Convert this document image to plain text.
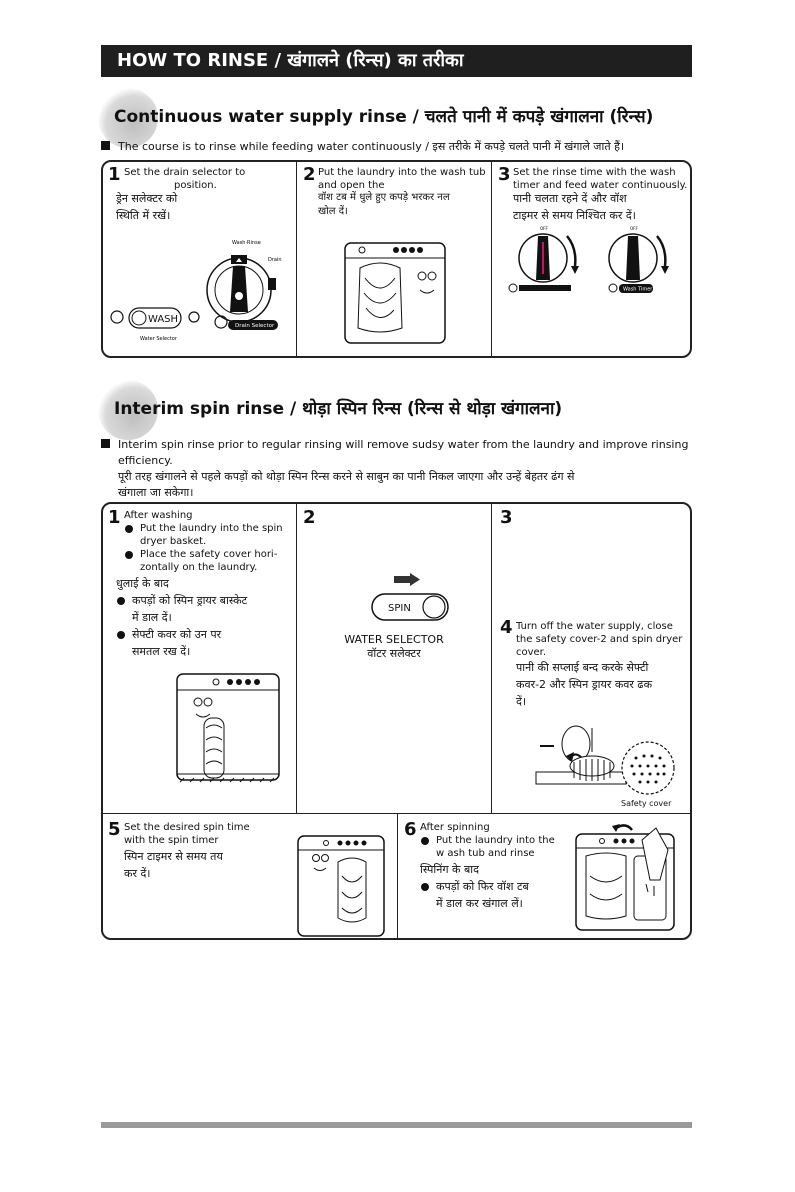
HOW TO RINSE / खंगालने (रिन्स) का तरीका
Continuous water supply rinse / चलते पानी में कपड़े खंगालना (रिन्स)
The course is to rinse while feeding water continuously / इस तरीके में कपड़े चलते पानी में खंगाले जाते हैं।
1 Set the drain selector to
position.
ड्रेन सलेक्टर को
स्थिति में रखें।
Wash·Rinse
Drain
WASH
Water Selector
Drain Selector
2 Put the laundry into the wash tub
and open the
वॉश टब में धुले हुए कपड़े भरकर नल
खोल दें।
3 Set the rinse time with the wash
timer and feed water continuously.
पानी चलता रहने दें और वॉश
टाइमर से समय निश्चित कर दें।
OFF	OFF
Wash Timer
Interim spin rinse / थोड़ा स्पिन रिन्स (रिन्स से थोड़ा खंगालना)
Interim spin rinse prior to regular rinsing will remove sudsy water from the laundry and improve rinsing
efficiency.
पूरी तरह खंगालने से पहले कपड़ों को थोड़ा स्पिन रिन्स करने से साबुन का पानी निकल जाएगा और उन्हें बेहतर ढंग से
खंगाला जा सकेगा।
1 After washing
Put the laundry into the spin
dryer basket.
Place the safety cover hori-
zontally on the laundry.
धुलाई के बाद
कपड़ों को स्पिन ड्रायर बास्केट
में डाल दें।
सेफ्टी कवर को उन पर
समतल रख दें।
2
SPIN
WATER SELECTOR
वॉटर सलेक्टर
3
4 Turn off the water supply, close
the safety cover-2 and spin dryer
cover.
पानी की सप्लाई बन्द करके सेफ्टी
कवर-2 और स्पिन ड्रायर कवर ढक
दें।
Safety cover
5 Set the desired spin time
with the spin timer
स्पिन टाइमर से समय तय
कर दें।
6 After spinning
Put the laundry into the
w ash tub and rinse
स्पिनिंग के बाद
कपड़ों को फिर वॉश टब
में डाल कर खंगाल लें।
